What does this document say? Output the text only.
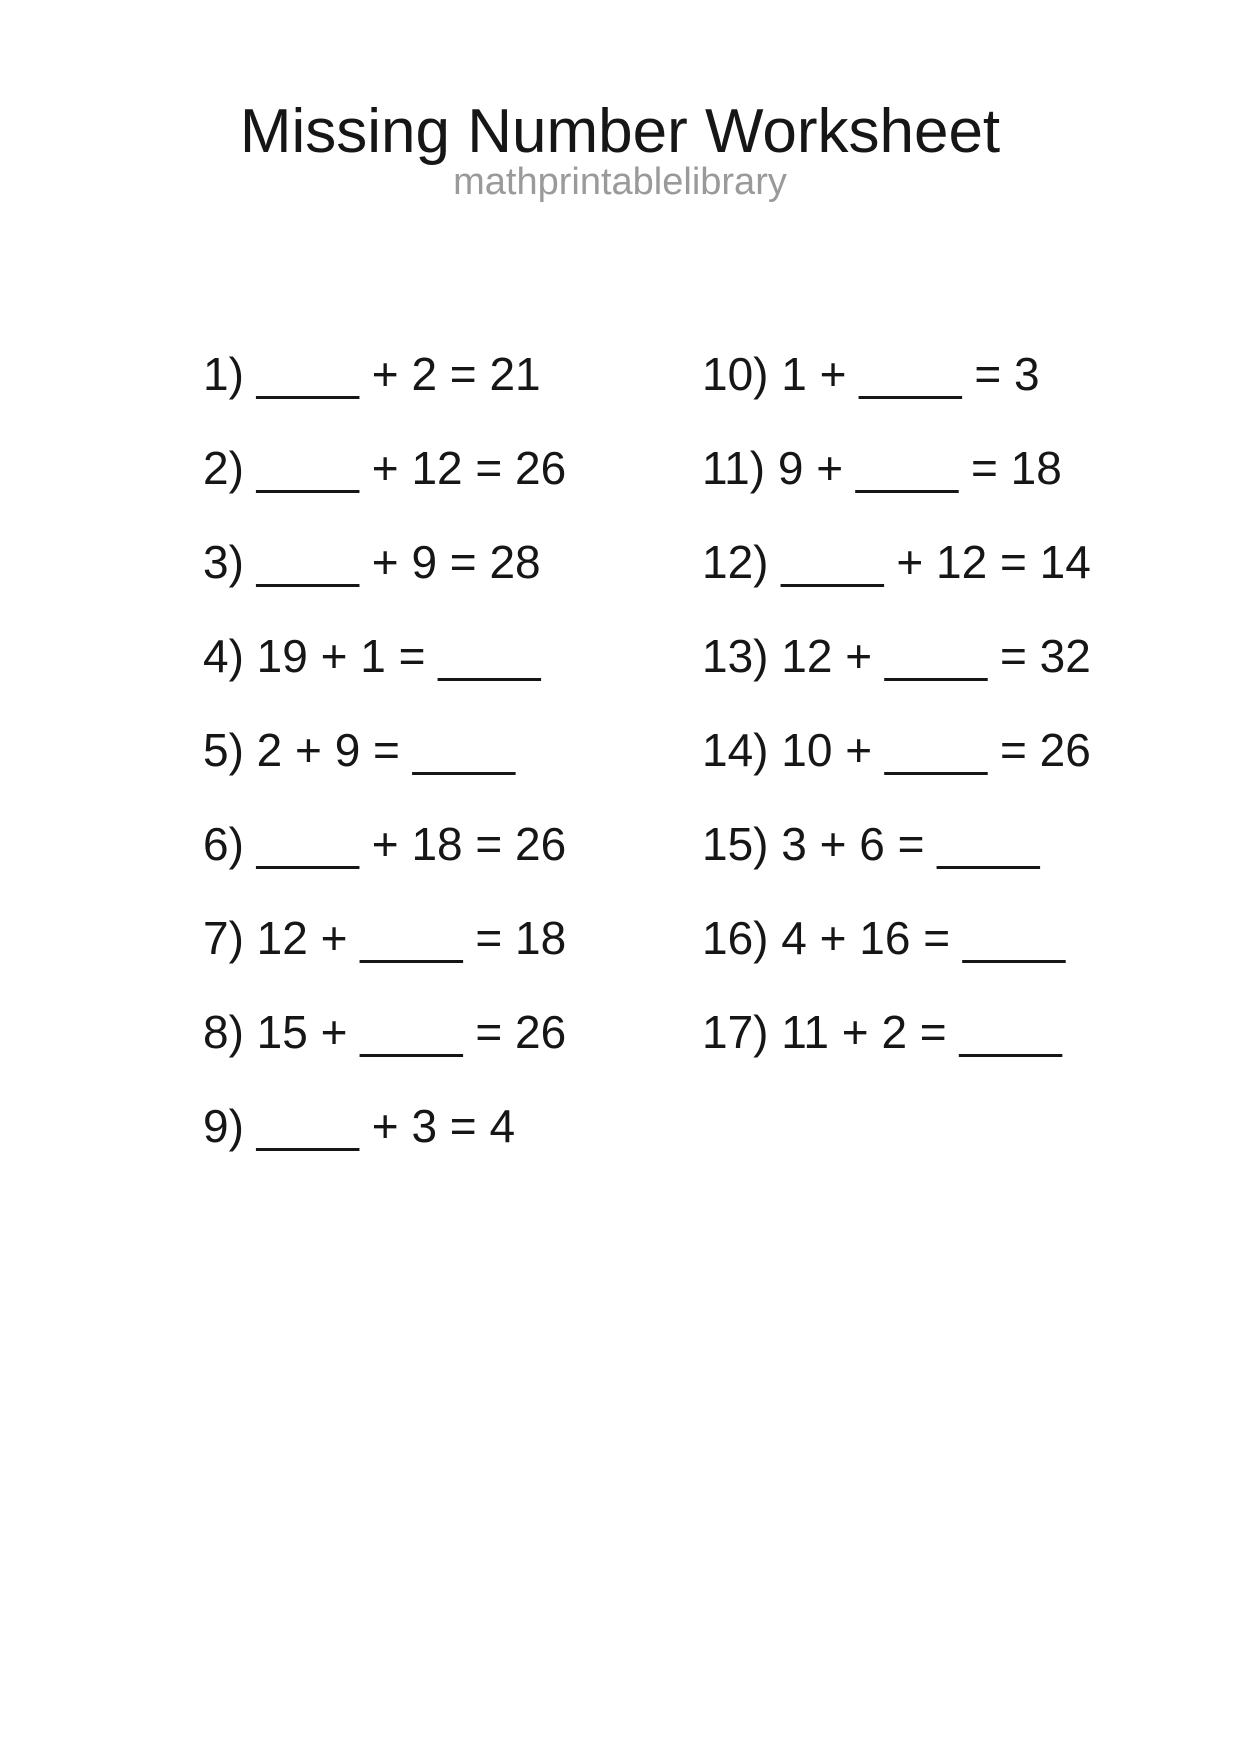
Missing Number Worksheet
mathprintablelibrary
1) ____ + 2 = 21
2) ____ + 12 = 26
3) ____ + 9 = 28
4) 19 + 1 = ____
5) 2 + 9 = ____
6) ____ + 18 = 26
7) 12 + ____ = 18
8) 15 + ____ = 26
9) ____ + 3 = 4
10) 1 + ____ = 3
11) 9 + ____ = 18
12) ____ + 12 = 14
13) 12 + ____ = 32
14) 10 + ____ = 26
15) 3 + 6 = ____
16) 4 + 16 = ____
17) 11 + 2 = ____
